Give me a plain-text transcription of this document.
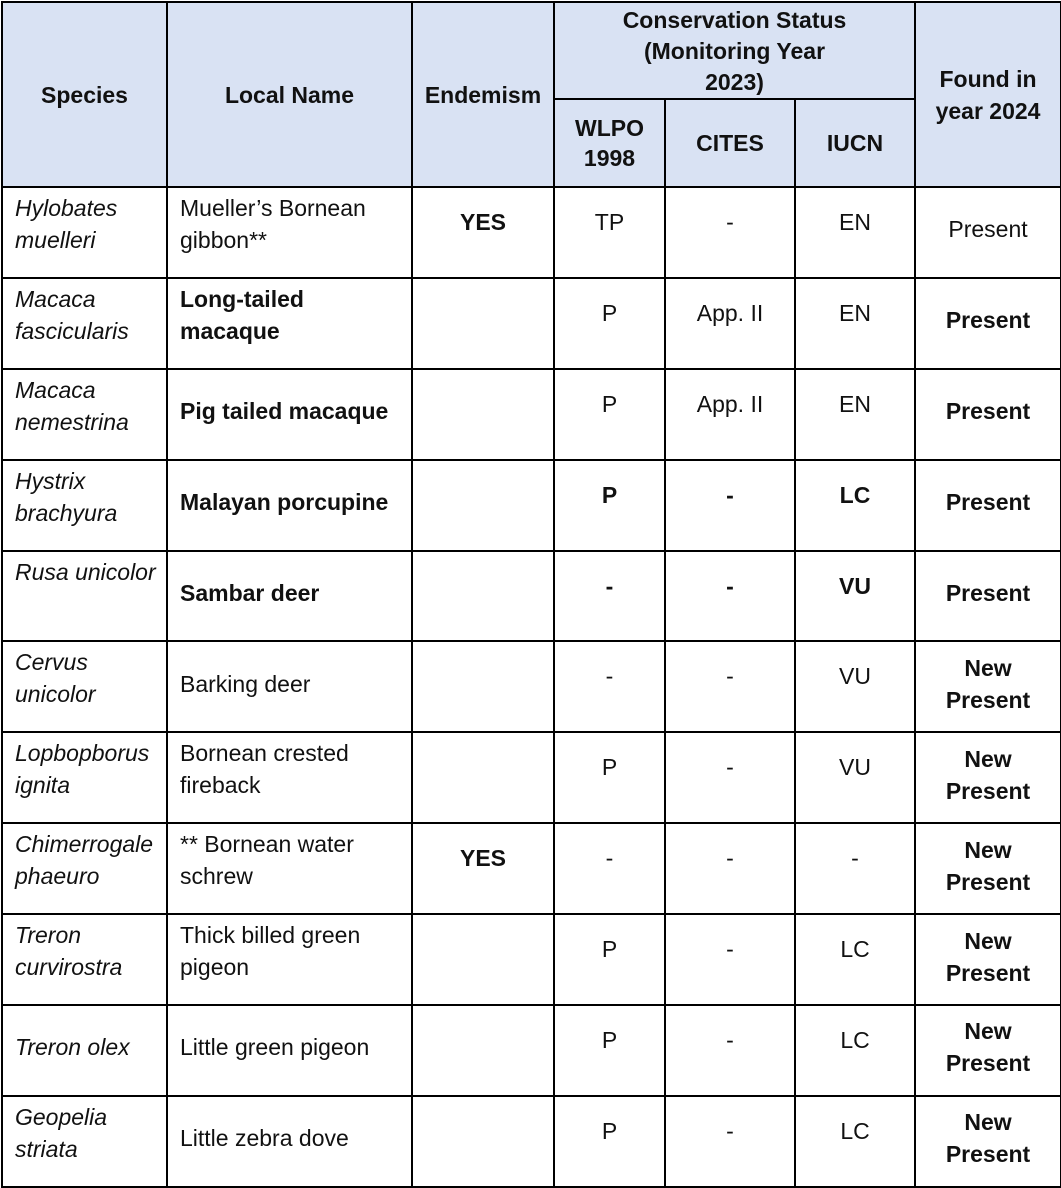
Species	Local Name	Endemism	Conservation Status (Monitoring Year 2023)			Found in year 2024
			WLPO 1998	CITES	IUCN	
Hylobates muelleri	Mueller’s Bornean gibbon**	YES	TP	-	EN	Present
Macaca fascicularis	Long-tailed macaque		P	App. II	EN	Present
Macaca nemestrina	Pig tailed macaque		P	App. II	EN	Present
Hystrix brachyura	Malayan porcupine		P	-	LC	Present
Rusa unicolor	Sambar deer		-	-	VU	Present
Cervus unicolor	Barking deer		-	-	VU	New Present
Lopbopborus ignita	Bornean crested fireback		P	-	VU	New Present
Chimerrogale phaeuro	** Bornean water schrew	YES	-	-	-	New Present
Treron curvirostra	Thick billed green pigeon		P	-	LC	New Present
Treron olex	Little green pigeon		P	-	LC	New Present
Geopelia striata	Little zebra dove		P	-	LC	New Present
